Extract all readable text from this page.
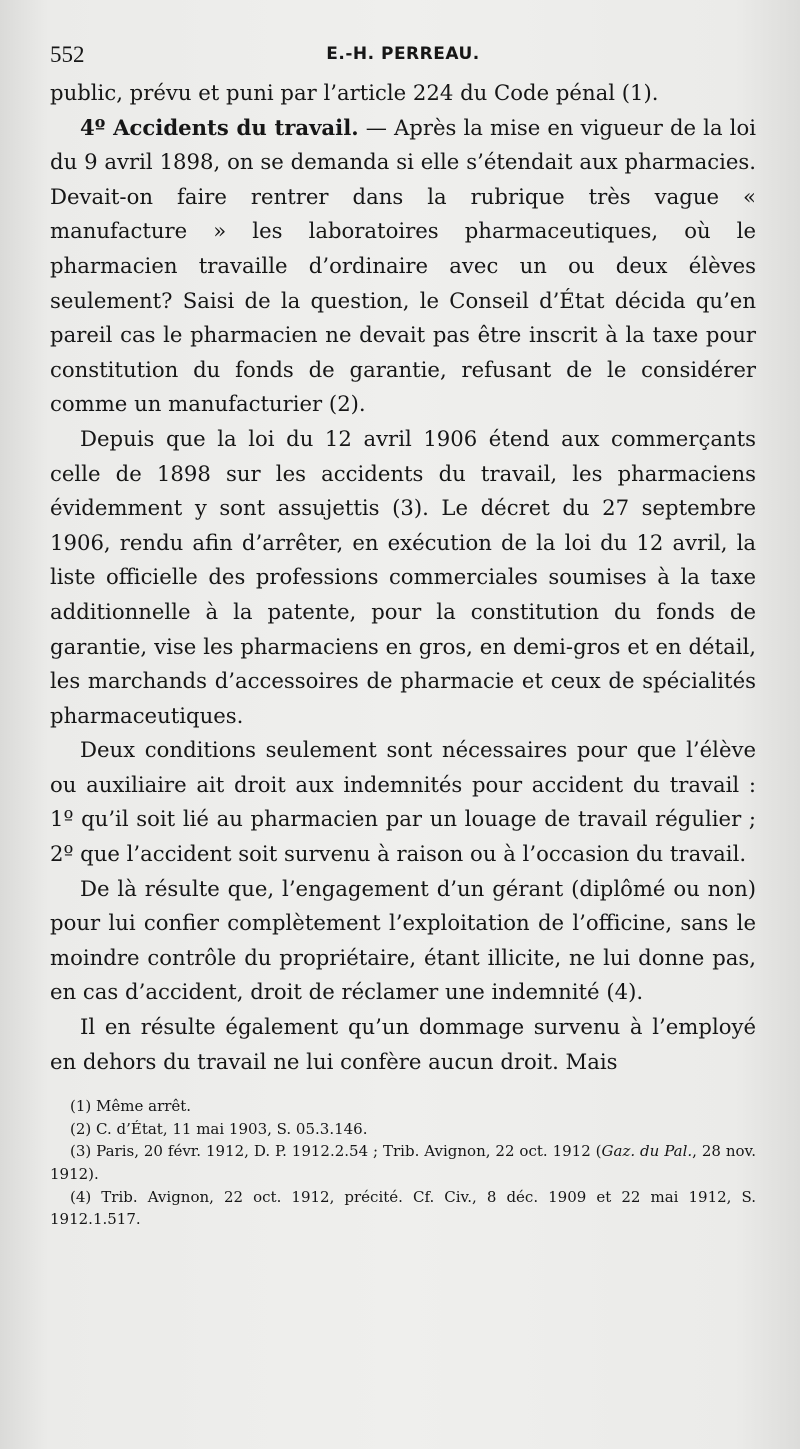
552	E.-H. PERREAU.

public, prévu et puni par l’article 224 du Code pénal (1).

4º Accidents du travail. — Après la mise en vigueur de la loi du 9 avril 1898, on se demanda si elle s’étendait aux pharmacies. Devait-on faire rentrer dans la rubrique très vague « manufacture » les laboratoires pharmaceutiques, où le pharmacien travaille d’ordinaire avec un ou deux élèves seulement? Saisi de la question, le Conseil d’État décida qu’en pareil cas le pharmacien ne devait pas être inscrit à la taxe pour constitution du fonds de garantie, refusant de le considérer comme un manufacturier (2).

Depuis que la loi du 12 avril 1906 étend aux commerçants celle de 1898 sur les accidents du travail, les pharmaciens évidemment y sont assujettis (3). Le décret du 27 septembre 1906, rendu afin d’arrêter, en exécution de la loi du 12 avril, la liste officielle des professions commerciales soumises à la taxe additionnelle à la patente, pour la constitution du fonds de garantie, vise les pharmaciens en gros, en demi-gros et en détail, les marchands d’accessoires de pharmacie et ceux de spécialités pharmaceutiques.

Deux conditions seulement sont nécessaires pour que l’élève ou auxiliaire ait droit aux indemnités pour accident du travail : 1º qu’il soit lié au pharmacien par un louage de travail régulier ; 2º que l’accident soit survenu à raison ou à l’occasion du travail.

De là résulte que, l’engagement d’un gérant (diplômé ou non) pour lui confier complètement l’exploitation de l’officine, sans le moindre contrôle du propriétaire, étant illicite, ne lui donne pas, en cas d’accident, droit de réclamer une indemnité (4).

Il en résulte également qu’un dommage survenu à l’employé en dehors du travail ne lui confère aucun droit. Mais

(1) Même arrêt.

(2) C. d’État, 11 mai 1903, S. 05.3.146.

(3) Paris, 20 févr. 1912, D. P. 1912.2.54 ; Trib. Avignon, 22 oct. 1912 (Gaz. du Pal., 28 nov. 1912).

(4) Trib. Avignon, 22 oct. 1912, précité. Cf. Civ., 8 déc. 1909 et 22 mai 1912, S. 1912.1.517.
